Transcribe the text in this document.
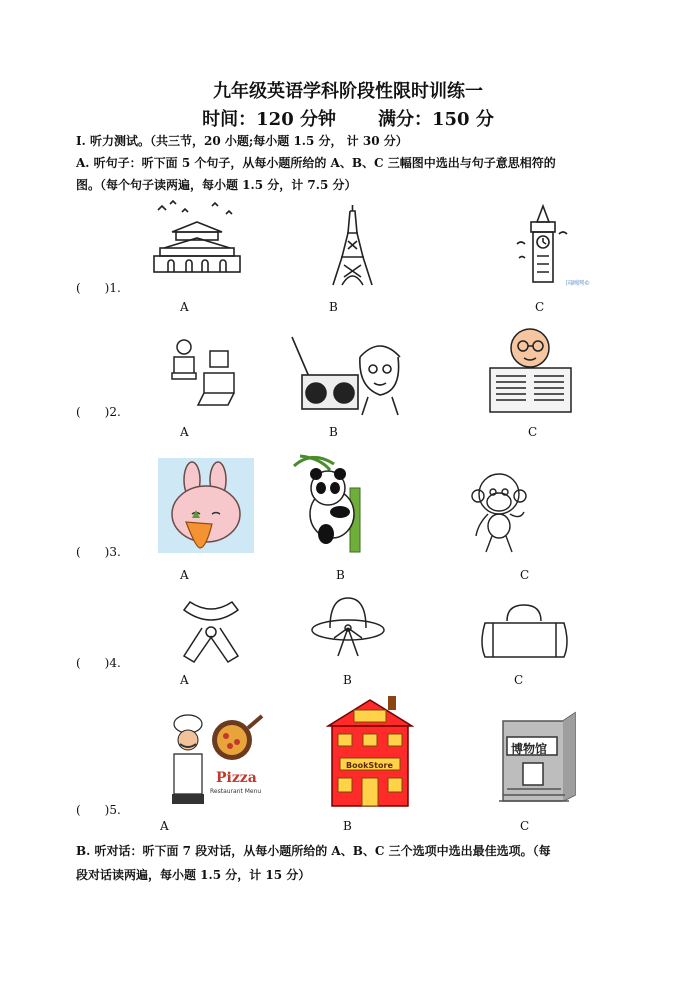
九年级英语学科阶段性限时训练一
时间：120 分钟 满分：150 分
I. 听力测试。（共三节，20 小题;每小题 1.5 分， 计 30 分）
A. 听句子：听下面 5 个句子，从每小题所给的 A、B、C 三幅图中选出与句子意思相符的
图。（每个句子读两遍，每小题 1.5 分，计 7.5 分）
(　　)1.	国画网©
A	B	C
(　　)2.
A	B	C
(　　)3.
A	B	C
(　　)4.
A	B	C
(　　)5.
Pizza
Restaurant Menu
BookStore
博物馆
A	B	C
B. 听对话：听下面 7 段对话，从每小题所给的 A、B、C 三个选项中选出最佳选项。（每
段对话读两遍，每小题 1.5 分，计 15 分）
